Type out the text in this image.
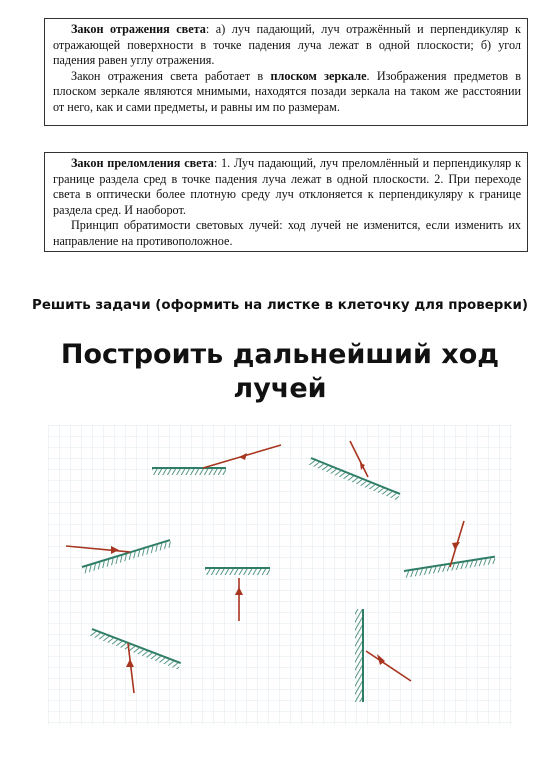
Закон отражения света: а) луч падающий, луч отражённый и перпендикуляр к отражающей поверхности в точке падения луча лежат в одной плоскости; б) угол падения равен углу отражения.

Закон отражения света работает в плоском зеркале. Изображения предметов в плоском зеркале являются мнимыми, находятся позади зеркала на таком же расстоянии от него, как и сами предметы, и равны им по размерам.

Закон преломления света: 1. Луч падающий, луч преломлённый и перпендикуляр к границе раздела сред в точке падения луча лежат в одной плоскости. 2. При переходе света в оптически более плотную среду луч отклоняется к перпендикуляру к границе раздела сред. И наоборот.

Принцип обратимости световых лучей: ход лучей не изменится, если изменить их направление на противоположное.

Решить задачи (оформить на листке в клеточку для проверки)
Построить дальнейший ход
лучей
